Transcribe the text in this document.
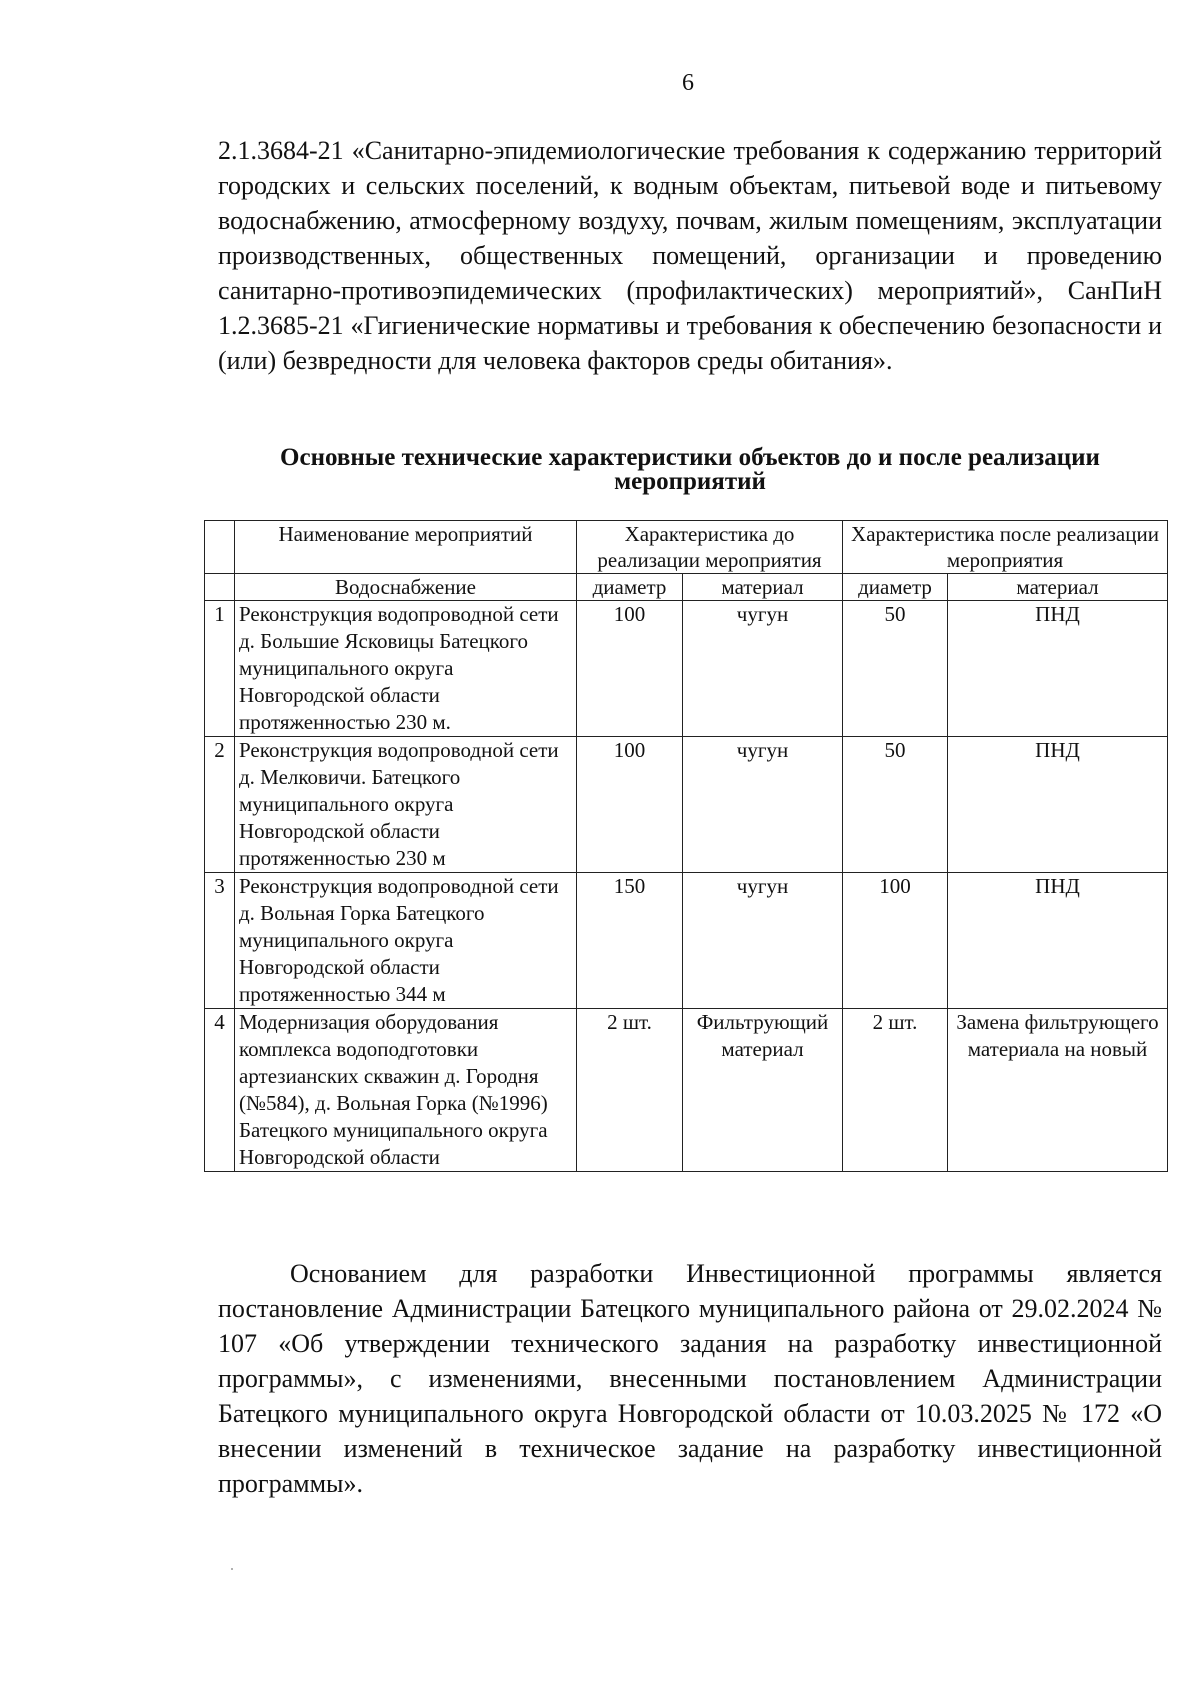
6

2.1.3684-21 «Санитарно-эпидемиологические требования к содержанию территорий городских и сельских поселений, к водным объектам, питьевой воде и питьевому водоснабжению, атмосферному воздуху, почвам, жилым помещениям, эксплуатации производственных, общественных помещений, организации и проведению санитарно-противоэпидемических (профилактических) мероприятий», СанПиН 1.2.3685-21 «Гигиенические нормативы и требования к обеспечению безопасности и (или) безвредности для человека факторов среды обитания».

Основные технические характеристики объектов до и после реализации
мероприятий
	Наименование мероприятий	Характеристика до реализации мероприятия		Характеристика после реализации мероприятия	
	Водоснабжение	диаметр	материал	диаметр	материал
1	Реконструкция водопроводной сети д. Большие Ясковицы Батецкого муниципального округа Новгородской области протяженностью 230 м.	100	чугун	50	ПНД
2	Реконструкция водопроводной сети д. Мелковичи. Батецкого муниципального округа Новгородской области протяженностью 230 м	100	чугун	50	ПНД
3	Реконструкция водопроводной сети д. Вольная Горка Батецкого муниципального округа Новгородской области протяженностью 344 м	150	чугун	100	ПНД
4	Модернизация оборудования комплекса водоподготовки артезианских скважин д. Городня (№584), д. Вольная Горка (№1996) Батецкого муниципального округа Новгородской области	2 шт.	Фильтрующий материал	2 шт.	Замена фильтрующего материала на новый

Основанием для разработки Инвестиционной программы является постановление Администрации Батецкого муниципального района от 29.02.2024 № 107 «Об утверждении технического задания на разработку инвестиционной программы», с изменениями, внесенными постановлением Администрации Батецкого муниципального округа Новгородской области от 10.03.2025 № 172 «О внесении изменений в техническое задание на разработку инвестиционной программы».
